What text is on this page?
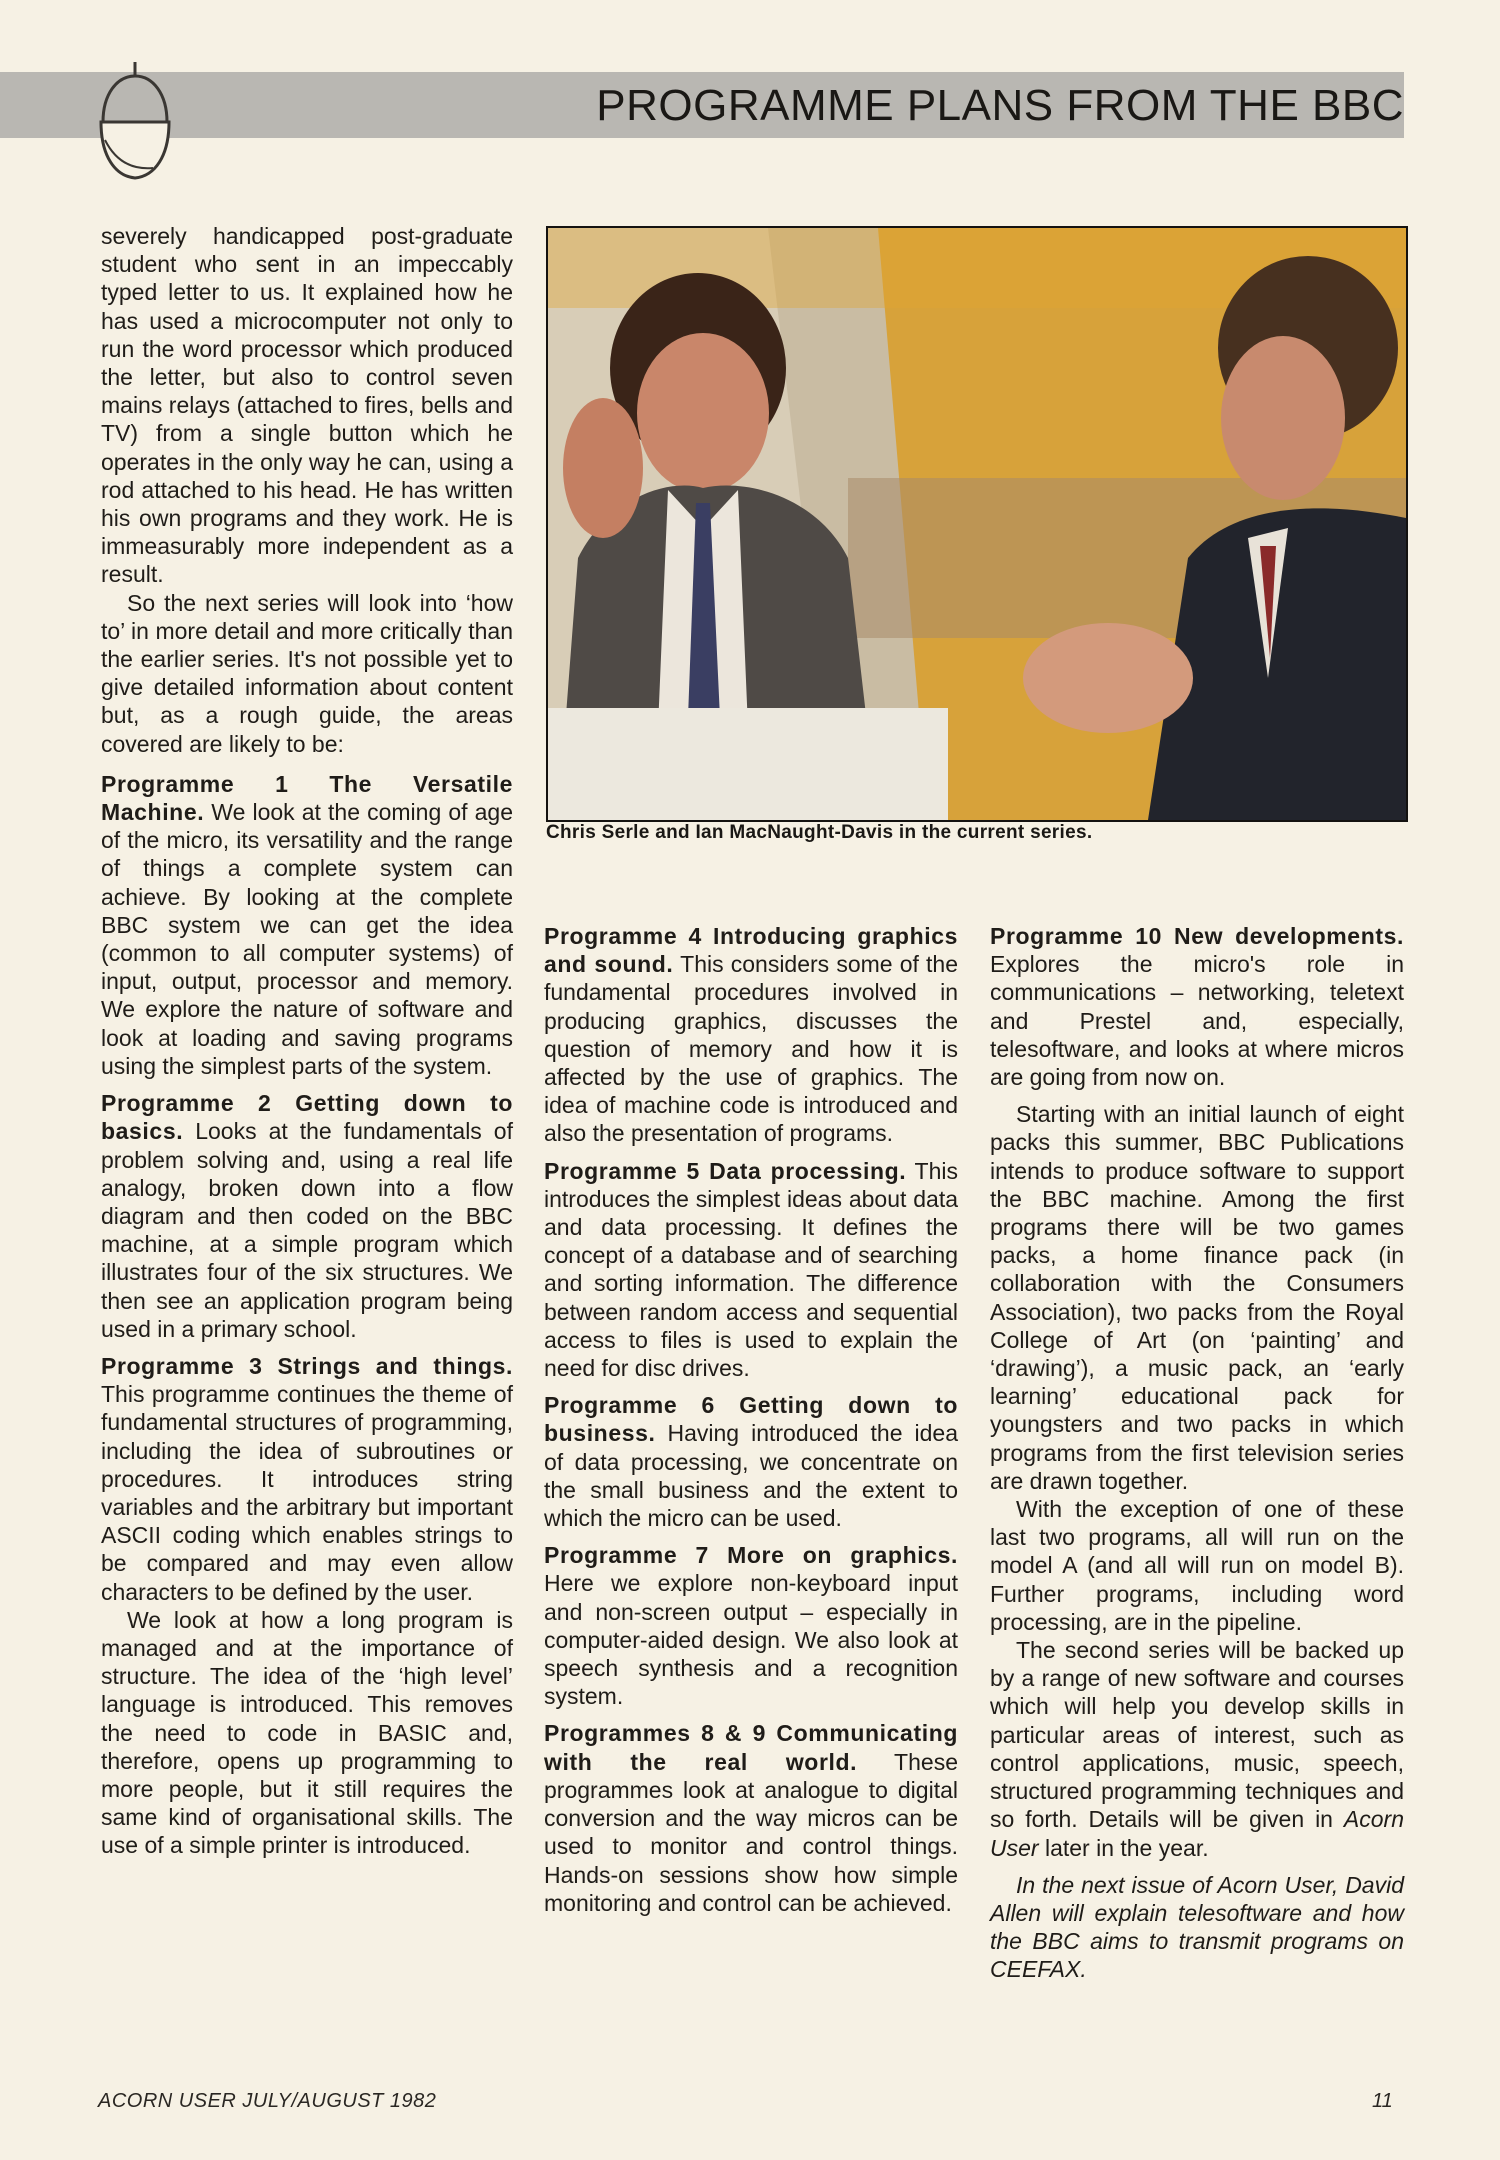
PROGRAMME PLANS FROM THE BBC

Chris Serle and Ian MacNaught-Davis in the current series.

severely handicapped post-graduate student who sent in an impeccably typed letter to us. It explained how he has used a microcomputer not only to run the word processor which produced the letter, but also to control seven mains relays (attached to fires, bells and TV) from a single button which he operates in the only way he can, using a rod attached to his head. He has written his own programs and they work. He is immeasurably more independent as a result.

So the next series will look into ‘how to’ in more detail and more critically than the earlier series. It's not possible yet to give detailed information about content but, as a rough guide, the areas covered are likely to be:

Programme 1 The Versatile Machine. We look at the coming of age of the micro, its versatility and the range of things a complete system can achieve. By looking at the complete BBC system we can get the idea (common to all computer systems) of input, output, processor and memory. We explore the nature of software and look at loading and saving programs using the simplest parts of the system.

Programme 2 Getting down to basics. Looks at the fundamentals of problem solving and, using a real life analogy, broken down into a flow diagram and then coded on the BBC machine, at a simple program which illustrates four of the six structures. We then see an application program being used in a primary school.

Programme 3 Strings and things. This programme continues the theme of fundamental structures of programming, including the idea of subroutines or procedures. It introduces string variables and the arbitrary but important ASCII coding which enables strings to be compared and may even allow characters to be defined by the user.

We look at how a long program is managed and at the importance of structure. The idea of the ‘high level’ language is introduced. This removes the need to code in BASIC and, therefore, opens up programming to more people, but it still requires the same kind of organisational skills. The use of a simple printer is introduced.

Programme 4 Introducing graphics and sound. This considers some of the fundamental procedures involved in producing graphics, discusses the question of memory and how it is affected by the use of graphics. The idea of machine code is introduced and also the presentation of programs.

Programme 5 Data processing. This introduces the simplest ideas about data and data processing. It defines the concept of a database and of searching and sorting information. The difference between random access and sequential access to files is used to explain the need for disc drives.

Programme 6 Getting down to business. Having introduced the idea of data processing, we concentrate on the small business and the extent to which the micro can be used.

Programme 7 More on graphics. Here we explore non-keyboard input and non-screen output – especially in computer-aided design. We also look at speech synthesis and a recognition system.

Programmes 8 & 9 Communicating with the real world. These programmes look at analogue to digital conversion and the way micros can be used to monitor and control things. Hands-on sessions show how simple monitoring and control can be achieved.

Programme 10 New developments. Explores the micro's role in communications – networking, teletext and Prestel and, especially, telesoftware, and looks at where micros are going from now on.

Starting with an initial launch of eight packs this summer, BBC Publications intends to produce software to support the BBC machine. Among the first programs there will be two games packs, a home finance pack (in collaboration with the Consumers Association), two packs from the Royal College of Art (on ‘painting’ and ‘drawing’), a music pack, an ‘early learning’ educational pack for youngsters and two packs in which programs from the first television series are drawn together.

With the exception of one of these last two programs, all will run on the model A (and all will run on model B). Further programs, including word processing, are in the pipeline.

The second series will be backed up by a range of new software and courses which will help you develop skills in particular areas of interest, such as control applications, music, speech, structured programming techniques and so forth. Details will be given in Acorn User later in the year.

In the next issue of Acorn User, David Allen will explain telesoftware and how the BBC aims to transmit programs on CEEFAX.

ACORN USER JULY/AUGUST 1982	11
